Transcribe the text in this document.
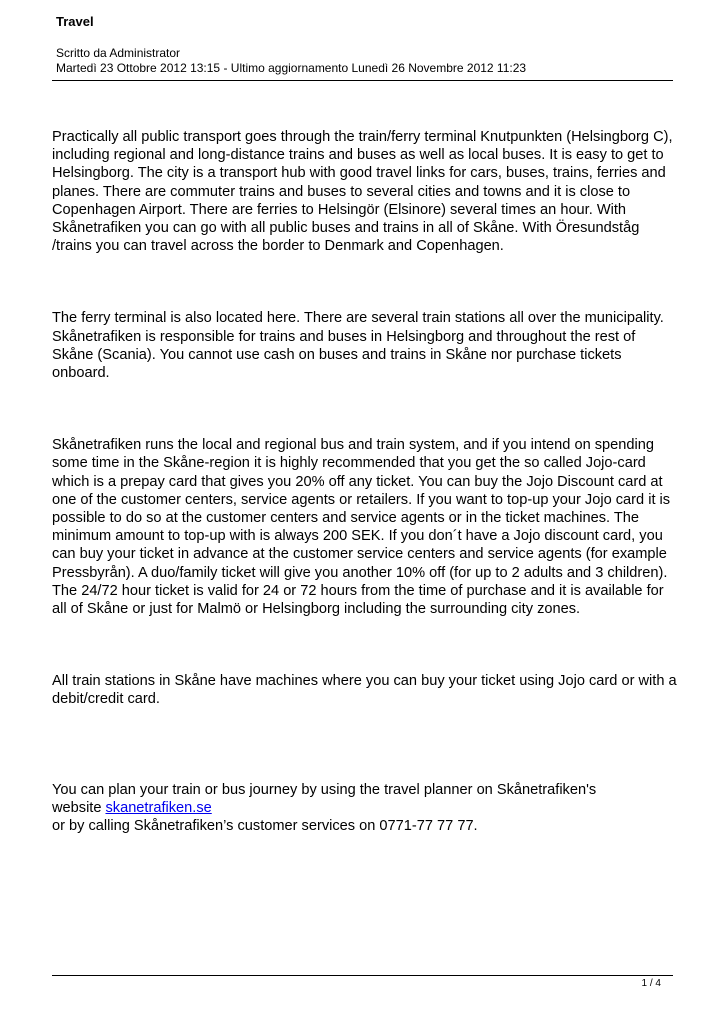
Travel
Scritto da Administrator
Martedì 23 Ottobre 2012 13:15 - Ultimo aggiornamento Lunedì 26 Novembre 2012 11:23

Practically all public transport goes through the train/ferry terminal Knutpunkten (Helsingborg C), including regional and long-distance trains and buses as well as local buses. It is easy to get to Helsingborg. The city is a transport hub with good travel links for cars, buses, trains, ferries and planes. There are commuter trains and buses to several cities and towns and it is close to Copenhagen Airport. There are ferries to Helsingör (Elsinore) several times an hour. With Skånetrafiken you can go with all public buses and trains in all of Skåne. With Öresundståg /trains you can travel across the border to Denmark and Copenhagen.

The ferry terminal is also located here. There are several train stations all over the municipality. Skånetrafiken is responsible for trains and buses in Helsingborg and throughout the rest of Skåne (Scania). You cannot use cash on buses and trains in Skåne nor purchase tickets onboard.

Skånetrafiken runs the local and regional bus and train system, and if you intend on spending some time in the Skåne-region it is highly recommended that you get the so called Jojo-card which is a prepay card that gives you 20% off any ticket. You can buy the Jojo Discount card at one of the customer centers, service agents or retailers. If you want to top-up your Jojo card it is possible to do so at the customer centers and service agents or in the ticket machines. The minimum amount to top-up with is always 200 SEK. If you don´t have a Jojo discount card, you can buy your ticket in advance at the customer service centers and service agents (for example Pressbyrån). A duo/family ticket will give you another 10% off (for up to 2 adults and 3 children). The 24/72 hour ticket is valid for 24 or 72 hours from the time of purchase and it is available for all of Skåne or just for Malmö or Helsingborg including the surrounding city zones.

All train stations in Skåne have machines where you can buy your ticket using Jojo card or with a debit/credit card.

You can plan your train or bus journey by using the travel planner on Skånetrafiken's website skanetrafiken.se
or by calling Skånetrafiken’s customer services on 0771-77 77 77.

1 / 4
